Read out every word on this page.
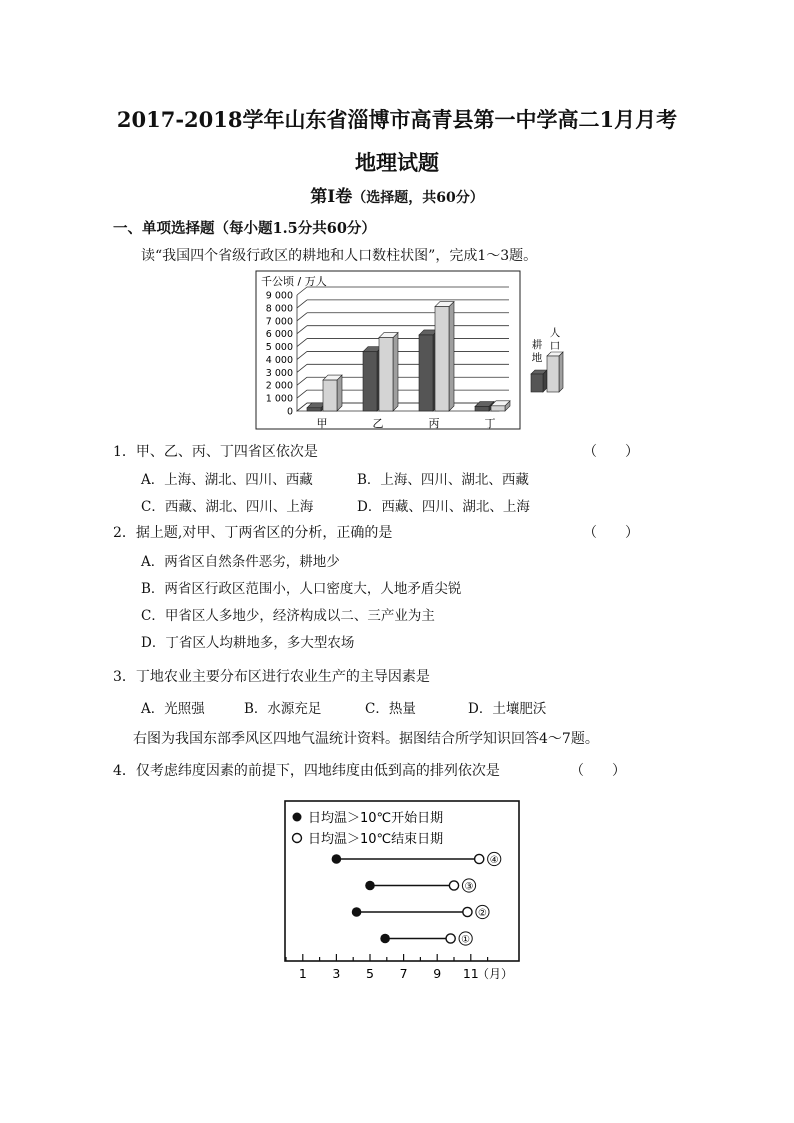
2017-2018学年山东省淄博市高青县第一中学高二1月月考
地理试题
第Ⅰ卷（选择题，共60分）
一、单项选择题（每小题1.5分共60分）
读“我国四个省级行政区的耕地和人口数柱状图”，完成1～3题。
千公顷 / 万人
0
1 000
2 000
3 000
4 000
5 000
6 000
7 000
8 000
9 000
甲	乙	丙	丁
耕
地
人
口
1．甲、乙、丙、丁四省区依次是	（　　）
A．上海、湖北、四川、西藏	B．上海、四川、湖北、西藏
C．西藏、湖北、四川、上海	D．西藏、四川、湖北、上海
2．据上题,对甲、丁两省区的分析，正确的是	（　　）
A．两省区自然条件恶劣，耕地少
B．两省区行政区范围小，人口密度大，人地矛盾尖锐
C．甲省区人多地少，经济构成以二、三产业为主
D．丁省区人均耕地多，多大型农场
3．丁地农业主要分布区进行农业生产的主导因素是
A．光照强	B．水源充足	C．热量	D．土壤肥沃
右图为我国东部季风区四地气温统计资料。据图结合所学知识回答4～7题。
4．仅考虑纬度因素的前提下，四地纬度由低到高的排列依次是	（　　）
日均温＞10℃开始日期
日均温＞10℃结束日期
1 3 5 7 9 11
（月）
④
③
②
①
